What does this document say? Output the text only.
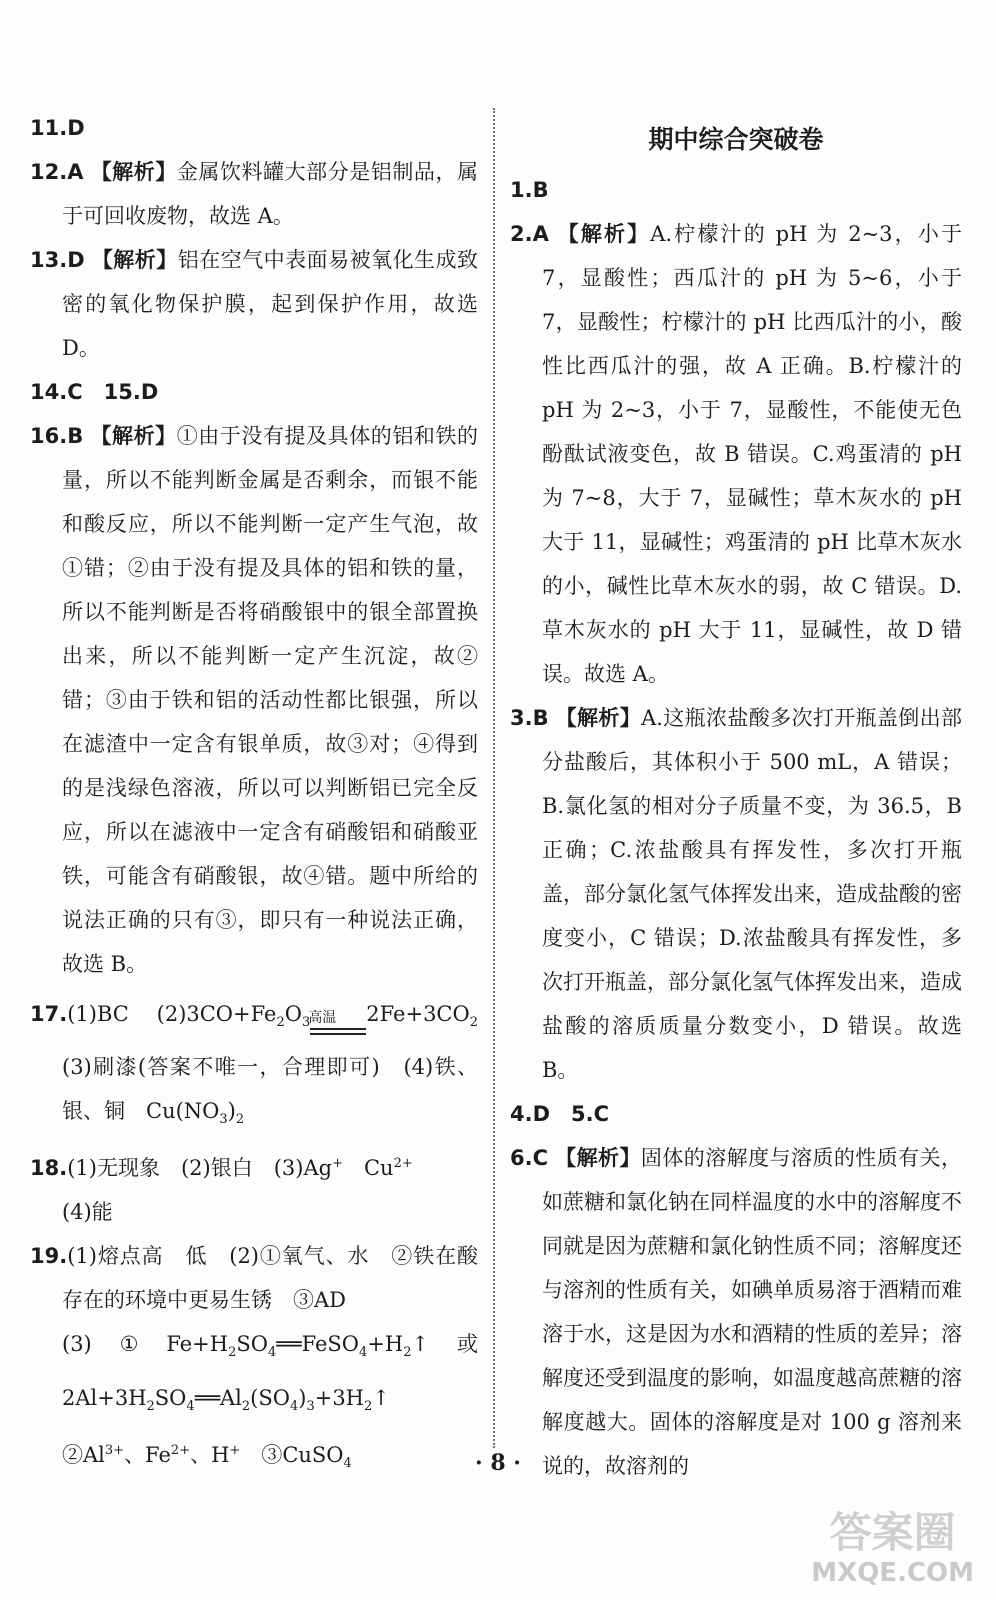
11.D
12.A 【解析】金属饮料罐大部分是铝制品，属于可回收废物，故选 A。
13.D 【解析】铝在空气中表面易被氧化生成致密的氧化物保护膜，起到保护作用，故选 D。
14.C　15.D
16.B 【解析】①由于没有提及具体的铝和铁的量，所以不能判断金属是否剩余，而银不能和酸反应，所以不能判断一定产生气泡，故①错；②由于没有提及具体的铝和铁的量，所以不能判断是否将硝酸银中的银全部置换出来，所以不能判断一定产生沉淀，故②错；③由于铁和铝的活动性都比银强，所以在滤渣中一定含有银单质，故③对；④得到的是浅绿色溶液，所以可以判断铝已完全反应，所以在滤液中一定含有硝酸铝和硝酸亚铁，可能含有硝酸银，故④错。题中所给的说法正确的只有③，即只有一种说法正确，故选 B。
17.(1)BC　$(2)3CO+Fe_2O_3$
高温	$2Fe+3CO_2$ (3)刷漆(答案不唯一，合理即可)　(4)铁、银、铜　$Cu(NO_3)_2$
18.(1)无现象　(2)银白　(3)Ag+　 $Cu^{2+}$
(4)能
19.(1)熔点高　低　(2)①氧气、水　②铁在酸存在的环境中更易生锈　③AD
$(3)①Fe+H_2SO_4══FeSO_4+H_2↑$或 $2Al+3H_2SO_4══Al_2(SO_4)_3+3H_2↑$　$②Al^{3+}$、$Fe^{2+}$、H+　 ③CuSO$_4$
期中综合突破卷
1.B
2.A 【解析】A.柠檬汁的 pH 为 2~3，小于 7，显酸性；西瓜汁的 pH 为 5~6，小于 7，显酸性；柠檬汁的 pH 比西瓜汁的小，酸性比西瓜汁的强，故 A 正确。B.柠檬汁的 pH 为 2~3，小于 7，显酸性，不能使无色酚酞试液变色，故 B 错误。C.鸡蛋清的 pH 为 7~8，大于 7，显碱性；草木灰水的 pH 大于 11，显碱性；鸡蛋清的 pH 比草木灰水的小，碱性比草木灰水的弱，故 C 错误。D.草木灰水的 pH 大于 11，显碱性，故 D 错误。故选 A。
3.B 【解析】A.这瓶浓盐酸多次打开瓶盖倒出部分盐酸后，其体积小于 500 mL，A 错误；B.氯化氢的相对分子质量不变，为 36.5，B 正确；C.浓盐酸具有挥发性，多次打开瓶盖，部分氯化氢气体挥发出来，造成盐酸的密度变小，C 错误；D.浓盐酸具有挥发性，多次打开瓶盖，部分氯化氢气体挥发出来，造成盐酸的溶质质量分数变小，D 错误。故选 B。
4.D　5.C
6.C 【解析】固体的溶解度与溶质的性质有关，如蔗糖和氯化钠在同样温度的水中的溶解度不同就是因为蔗糖和氯化钠性质不同；溶解度还与溶剂的性质有关，如碘单质易溶于酒精而难溶于水，这是因为水和酒精的性质的差异；溶解度还受到温度的影响，如温度越高蔗糖的溶解度越大。固体的溶解度是对 100 g 溶剂来说的，故溶剂的
· 8 ·
答案圈
MXQE.COM
